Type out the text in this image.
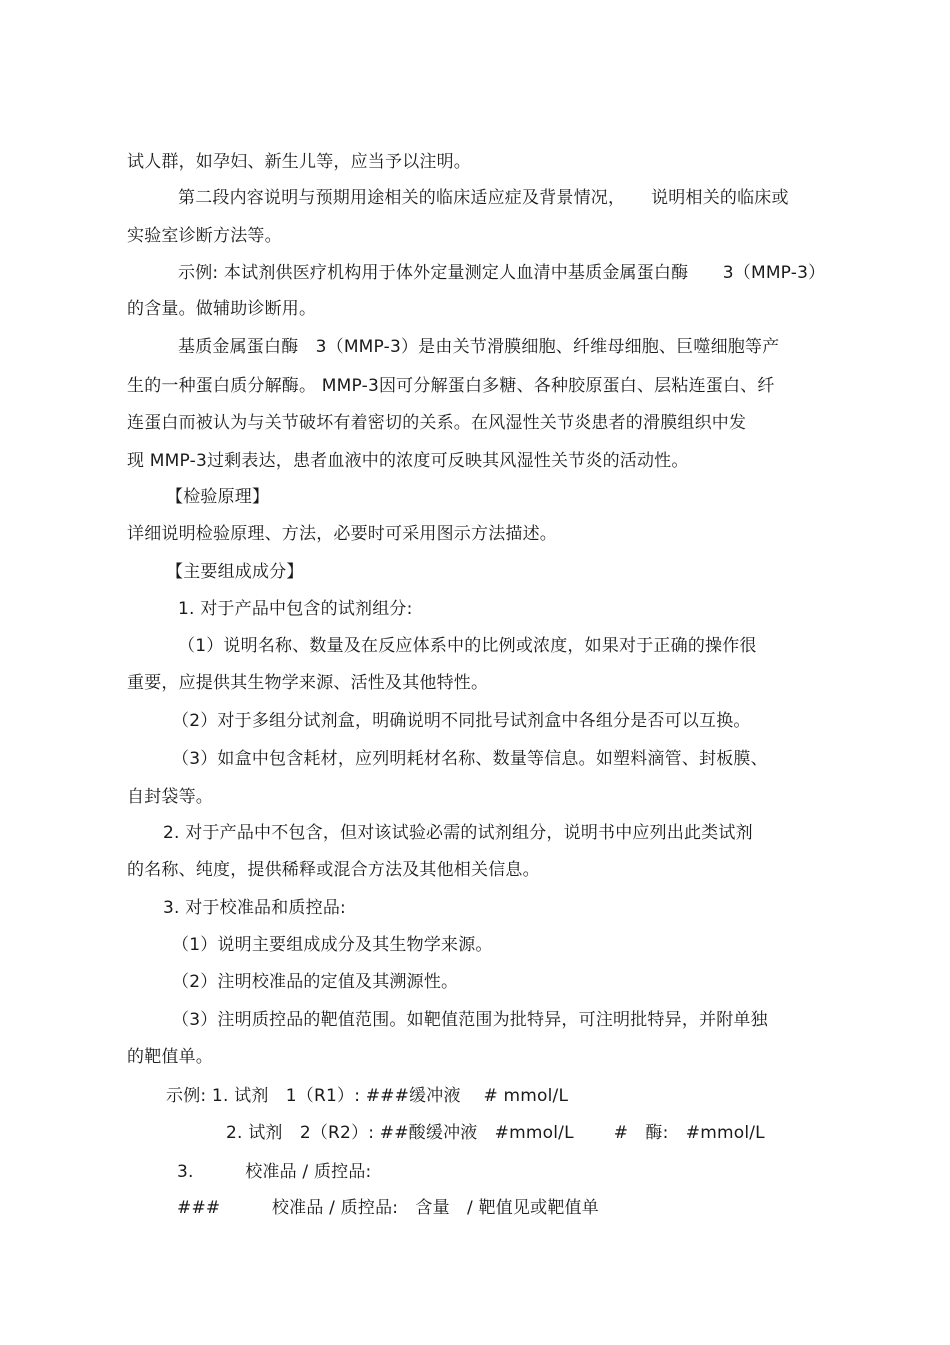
试人群，如孕妇、新生儿等，应当予以注明。
第二段内容说明与预期用途相关的临床适应症及背景情况，　　说明相关的临床或
实验室诊断方法等。
示例: 本试剂供医疗机构用于体外定量测定人血清中基质金属蛋白酶　　3（MMP-3）
的含量。做辅助诊断用。
基质金属蛋白酶　3（MMP-3）是由关节滑膜细胞、纤维母细胞、巨噬细胞等产
生的一种蛋白质分解酶。 MMP-3因可分解蛋白多糖、各种胶原蛋白、层粘连蛋白、纤
连蛋白而被认为与关节破坏有着密切的关系。在风湿性关节炎患者的滑膜组织中发
现 MMP-3过剩表达，患者血液中的浓度可反映其风湿性关节炎的活动性。
【检验原理】
详细说明检验原理、方法，必要时可采用图示方法描述。
【主要组成成分】
1. 对于产品中包含的试剂组分:
（1）说明名称、数量及在反应体系中的比例或浓度，如果对于正确的操作很
重要，应提供其生物学来源、活性及其他特性。
（2）对于多组分试剂盒，明确说明不同批号试剂盒中各组分是否可以互换。
（3）如盒中包含耗材，应列明耗材名称、数量等信息。如塑料滴管、封板膜、
自封袋等。
2. 对于产品中不包含，但对该试验必需的试剂组分，说明书中应列出此类试剂
的名称、纯度，提供稀释或混合方法及其他相关信息。
3. 对于校准品和质控品:
（1）说明主要组成成分及其生物学来源。
（2）注明校准品的定值及其溯源性。
（3）注明质控品的靶值范围。如靶值范围为批特异，可注明批特异，并附单独
的靶值单。
示例: 1. 试剂　1（R1）: ###缓冲液　 # mmol/L
2. 试剂　2（R2）: ##酸缓冲液　#mmol/L　　 #　酶:　#mmol/L
3.　　　校准品 / 质控品:
###　　　校准品 / 质控品:　含量　/ 靶值见或靶值单
